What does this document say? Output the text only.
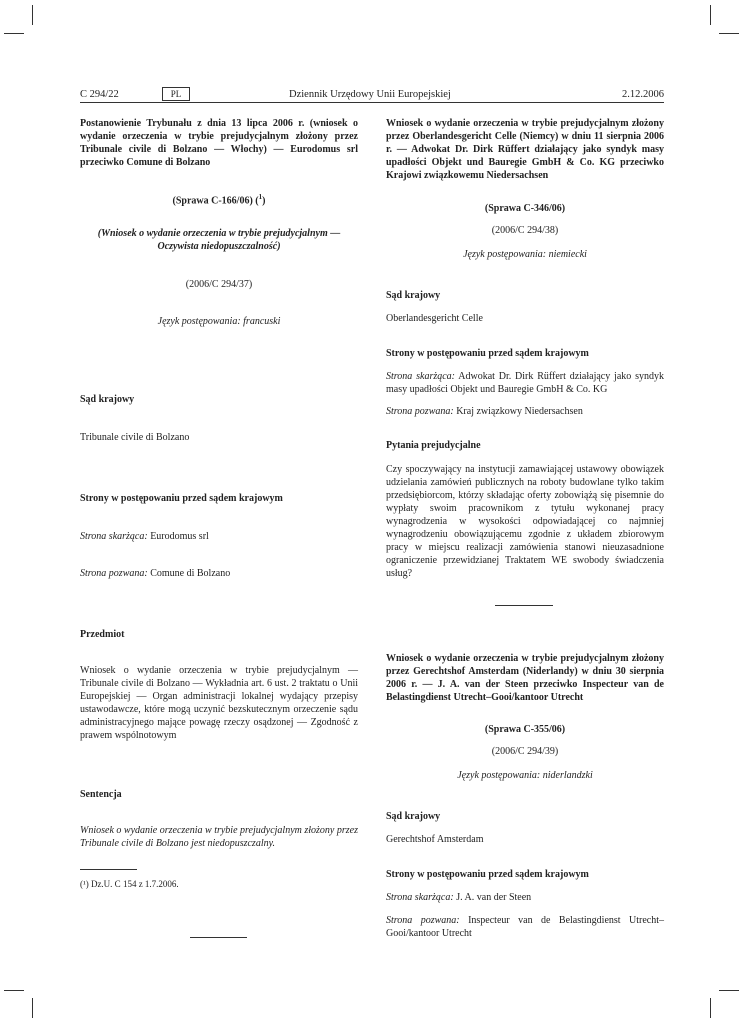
C 294/22	PL	Dziennik Urzędowy Unii Europejskiej	2.12.2006

Postanowienie Trybunału z dnia 13 lipca 2006 r. (wniosek o wydanie orzeczenia w trybie prejudycjalnym złożony przez Tribunale civile di Bolzano — Włochy) — Eurodomus srl przeciwko Comune di Bolzano

(Sprawa C-166/06) ($^1$)

(Wniosek o wydanie orzeczenia w trybie prejudycjalnym — Oczywista niedopuszczalność)

(2006/C 294/37)

Język postępowania: francuski

Sąd krajowy

Tribunale civile di Bolzano

Strony w postępowaniu przed sądem krajowym

Strona skarżąca: Eurodomus srl

Strona pozwana: Comune di Bolzano

Przedmiot

Wniosek o wydanie orzeczenia w trybie prejudycjalnym — Tribunale civile di Bolzano — Wykładnia art. 6 ust. 2 traktatu o Unii Europejskiej — Organ administracji lokalnej wydający przepisy ustawodawcze, które mogą uczynić bezskutecznym orzeczenie sądu administracyjnego mające powagę rzeczy osądzonej — Zgodność z prawem wspólnotowym

Sentencja

Wniosek o wydanie orzeczenia w trybie prejudycjalnym złożony przez Tribunale civile di Bolzano jest niedopuszczalny.

(¹) Dz.U. C 154 z 1.7.2006.

Wniosek o wydanie orzeczenia w trybie prejudycjalnym złożony przez Oberlandesgericht Celle (Niemcy) w dniu 11 sierpnia 2006 r. — Adwokat Dr. Dirk Rüffert działający jako syndyk masy upadłości Objekt und Bauregie GmbH & Co. KG przeciwko Krajowi związkowemu Niedersachsen

(Sprawa C-346/06)

(2006/C 294/38)

Język postępowania: niemiecki

Sąd krajowy

Oberlandesgericht Celle

Strony w postępowaniu przed sądem krajowym

Strona skarżąca: Adwokat Dr. Dirk Rüffert działający jako syndyk masy upadłości Objekt und Bauregie GmbH & Co. KG

Strona pozwana: Kraj związkowy Niedersachsen

Pytania prejudycjalne

Czy spoczywający na instytucji zamawiającej ustawowy obowiązek udzielania zamówień publicznych na roboty budowlane tylko takim przedsiębiorcom, którzy składając oferty zobowiążą się pisemnie do wypłaty swoim pracownikom z tytułu wykonanej pracy wynagrodzenia w wysokości odpowiadającej co najmniej wynagrodzeniu obowiązującemu zgodnie z układem zbiorowym pracy w miejscu realizacji zamówienia stanowi nieuzasadnione ograniczenie przewidzianej Traktatem WE swobody świadczenia usług?

Wniosek o wydanie orzeczenia w trybie prejudycjalnym złożony przez Gerechtshof Amsterdam (Niderlandy) w dniu 30 sierpnia 2006 r. — J. A. van der Steen przeciwko Inspecteur van de Belastingdienst Utrecht–Gooi/kantoor Utrecht

(Sprawa C-355/06)

(2006/C 294/39)

Język postępowania: niderlandzki

Sąd krajowy

Gerechtshof Amsterdam

Strony w postępowaniu przed sądem krajowym

Strona skarżąca: J. A. van der Steen

Strona pozwana: Inspecteur van de Belastingdienst Utrecht–Gooi/kantoor Utrecht
